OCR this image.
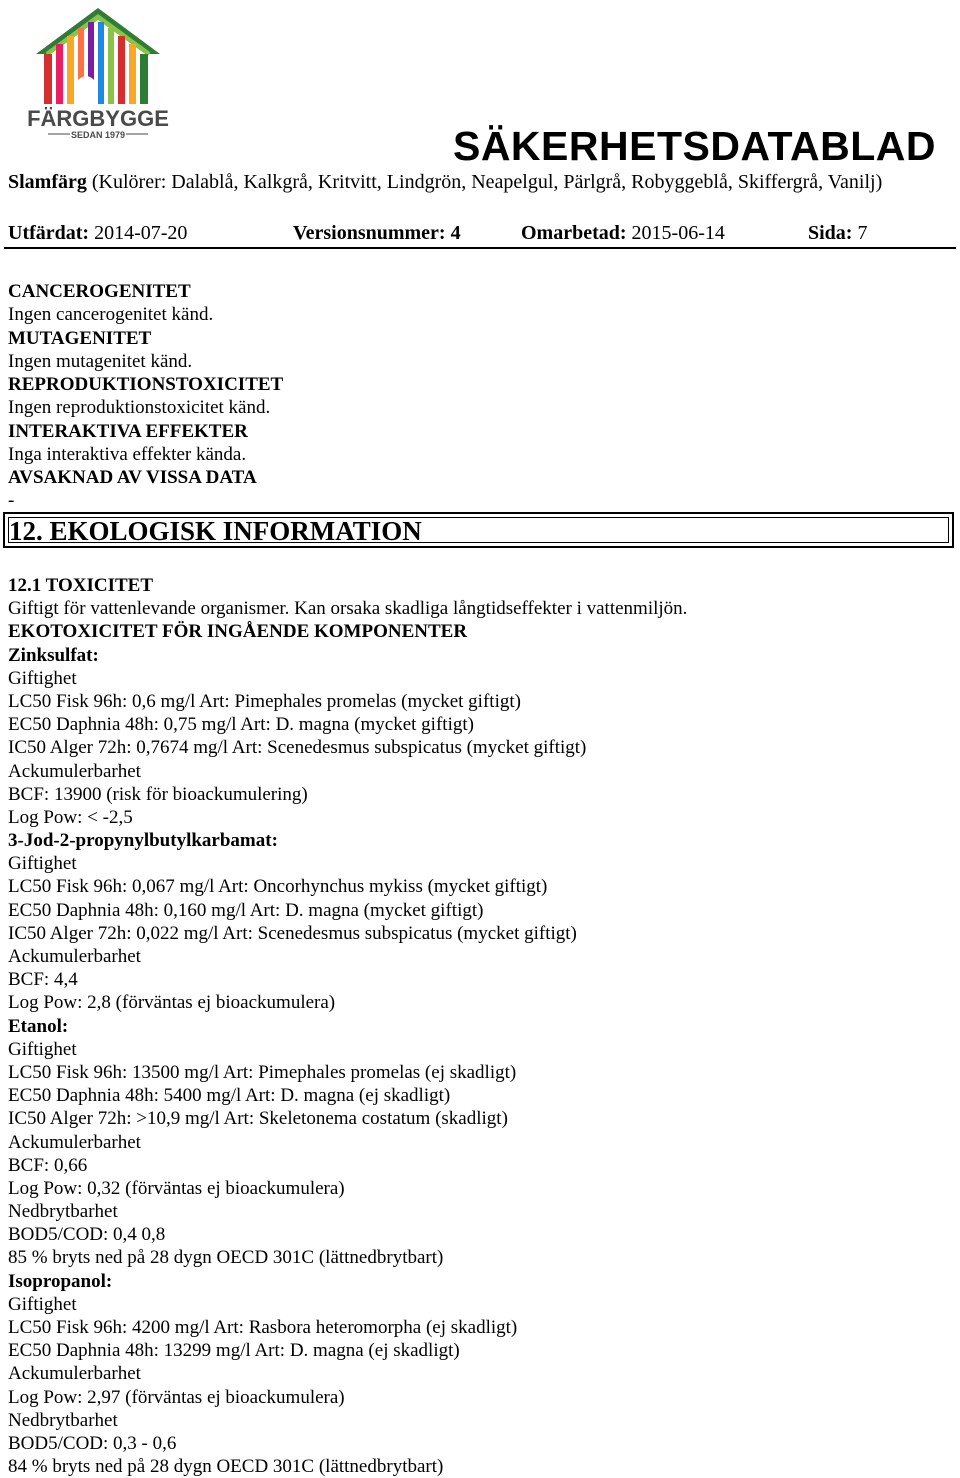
FÄRGBYGGE
SEDAN 1979	SÄKERHETSDATABLAD
Slamfärg (Kulörer: Dalablå, Kalkgrå, Kritvitt, Lindgrön, Neapelgul, Pärlgrå, Robyggeblå, Skiffergrå, Vanilj)
Utfärdat: 2014-07-20	Versionsnummer: 4	Omarbetad: 2015-06-14	Sida: 7
CANCEROGENITET
Ingen cancerogenitet känd.
MUTAGENITET
Ingen mutagenitet känd.
REPRODUKTIONSTOXICITET
Ingen reproduktionstoxicitet känd.
INTERAKTIVA EFFEKTER
Inga interaktiva effekter kända.
AVSAKNAD AV VISSA DATA
-
12. EKOLOGISK INFORMATION
12.1 TOXICITET
Giftigt för vattenlevande organismer. Kan orsaka skadliga långtidseffekter i vattenmiljön.
EKOTOXICITET FÖR INGÅENDE KOMPONENTER
Zinksulfat:
Giftighet
LC50 Fisk 96h: 0,6 mg/l Art: Pimephales promelas (mycket giftigt)
EC50 Daphnia 48h: 0,75 mg/l Art: D. magna (mycket giftigt)
IC50 Alger 72h: 0,7674 mg/l Art: Scenedesmus subspicatus (mycket giftigt)
Ackumulerbarhet
BCF: 13900 (risk för bioackumulering)
Log Pow: < -2,5
3-Jod-2-propynylbutylkarbamat:
Giftighet
LC50 Fisk 96h: 0,067 mg/l Art: Oncorhynchus mykiss (mycket giftigt)
EC50 Daphnia 48h: 0,160 mg/l Art: D. magna (mycket giftigt)
IC50 Alger 72h: 0,022 mg/l Art: Scenedesmus subspicatus (mycket giftigt)
Ackumulerbarhet
BCF: 4,4
Log Pow: 2,8 (förväntas ej bioackumulera)
Etanol:
Giftighet
LC50 Fisk 96h: 13500 mg/l Art: Pimephales promelas (ej skadligt)
EC50 Daphnia 48h: 5400 mg/l Art: D. magna (ej skadligt)
IC50 Alger 72h: >10,9 mg/l Art: Skeletonema costatum (skadligt)
Ackumulerbarhet
BCF: 0,66
Log Pow: 0,32 (förväntas ej bioackumulera)
Nedbrytbarhet
BOD5/COD: 0,4 0,8
85 % bryts ned på 28 dygn OECD 301C (lättnedbrytbart)
Isopropanol:
Giftighet
LC50 Fisk 96h: 4200 mg/l Art: Rasbora heteromorpha (ej skadligt)
EC50 Daphnia 48h: 13299 mg/l Art: D. magna (ej skadligt)
Ackumulerbarhet
Log Pow: 2,97 (förväntas ej bioackumulera)
Nedbrytbarhet
BOD5/COD: 0,3 - 0,6
84 % bryts ned på 28 dygn OECD 301C (lättnedbrytbart)
